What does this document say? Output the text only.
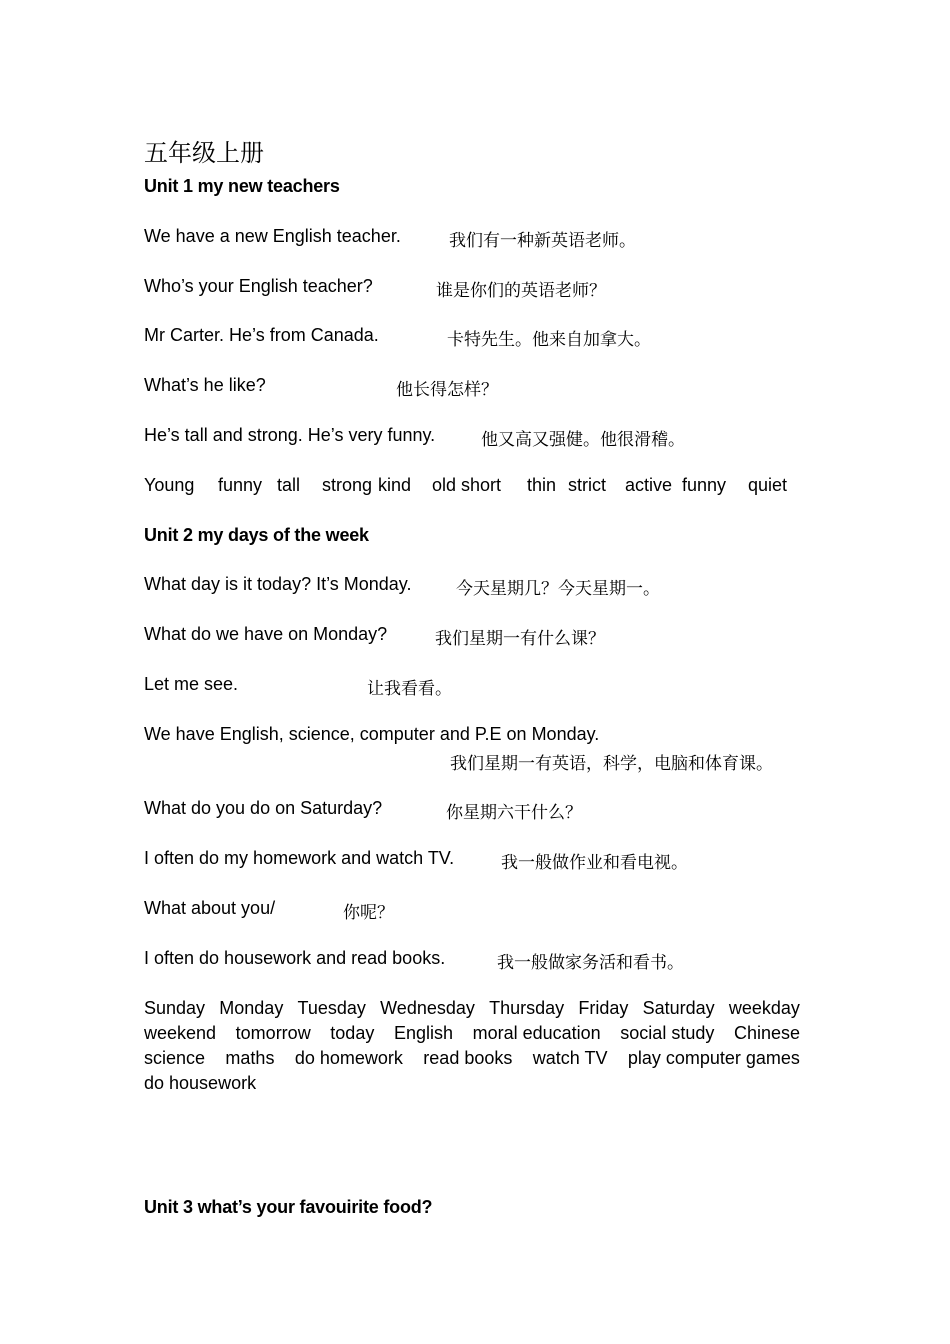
五年级上册
Unit 1 my new teachers
We have a new English teacher.	我们有一种新英语老师。
Who’s your English teacher?	谁是你们的英语老师？
Mr Carter. He’s from Canada.	卡特先生。他来自加拿大。
What’s he like?	他长得怎样？
He’s tall and strong. He’s very funny.	他又高又强健。他很滑稽。
Young funny tall strong kind old short thin strict active funny quiet
Unit 2 my days of the week
What day is it today? It’s Monday.	今天星期几？今天星期一。
What do we have on Monday?	我们星期一有什么课？
Let me see.	让我看看。
We have English, science, computer and P.E on Monday.
我们星期一有英语，科学，电脑和体育课。
What do you do on Saturday?	你星期六干什么？
I often do my homework and watch TV.	我一般做作业和看电视。
What about you/	你呢？
I often do housework and read books.	我一般做家务活和看书。
Sunday Monday Tuesday Wednesday Thursday Friday Saturday weekday
weekend tomorrow today English moral education social study Chinese
science maths do homework read books watch TV play computer games
do housework
Unit 3 what’s your favouirite food?
